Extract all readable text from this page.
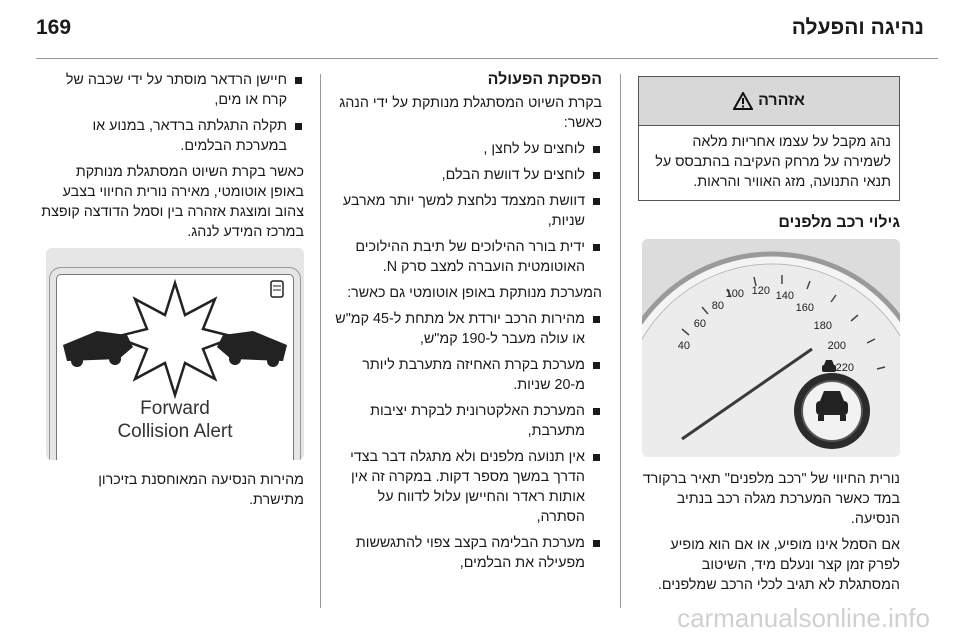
169	נהיגה והפעלה
אזהרה
נהג מקבל על עצמו אחריות מלאה לשמירה על מרחק העקיבה בהתבסס על תנאי התנועה, מזג האוויר והראות.
גילוי רכב מלפנים
40
60
80
100 120 140
160
180
200
220

נורית החיווי של "רכב מלפנים" תאיר ברקורד במד כאשר המערכת מגלה רכב בנתיב הנסיעה.

אם הסמל אינו מופיע, או אם הוא מופיע לפרק זמן קצר ונעלם מיד, השיטוב המסתגלת לא תגיב לכלי הרכב שמלפנים.

הפסקת הפעולה

בקרת השיוט המסתגלת מנותקת על ידי הנהג כאשר:

לוחצים על לחצן ,
לוחצים על דוושת הבלם,
דוושת המצמד נלחצת למשך יותר מארבע שניות,
ידית בורר ההילוכים של תיבת ההילוכים האוטומטית הועברה למצב סרק N.

המערכת מנותקת באופן אוטומטי גם כאשר:

מהירות הרכב יורדת אל מתחת ל-45 קמ"ש או עולה מעבר ל-190 קמ"ש,
מערכת בקרת האחיזה מתערבת ליותר מ-20 שניות.
המערכת האלקטרונית לבקרת יציבות מתערבת,
אין תנועה מלפנים ולא מתגלה דבר בצדי הדרך במשך מספר דקות. במקרה זה אין אותות ראדר והחיישן עלול לדווח על הסתרה,
מערכת הבלימה בקצב צפוי להתגששות מפעילה את הבלמים,
חיישן הרדאר מוסתר על ידי שכבה של קרח או מים,
תקלה התגלתה ברדאר, במנוע או במערכת הבלמים.

כאשר בקרת השיוט המסתגלת מנותקת באופן אוטומטי, מאירה נורית החיווי בצבע צהוב ומוצגת אזהרה בין וסמל הדודצה קופצת במרכז המידע לנהג.

Forward
Collision Alert

מהירות הנסיעה המאוחסנת בזיכרון מתישרת.

carmanualsonline.info
